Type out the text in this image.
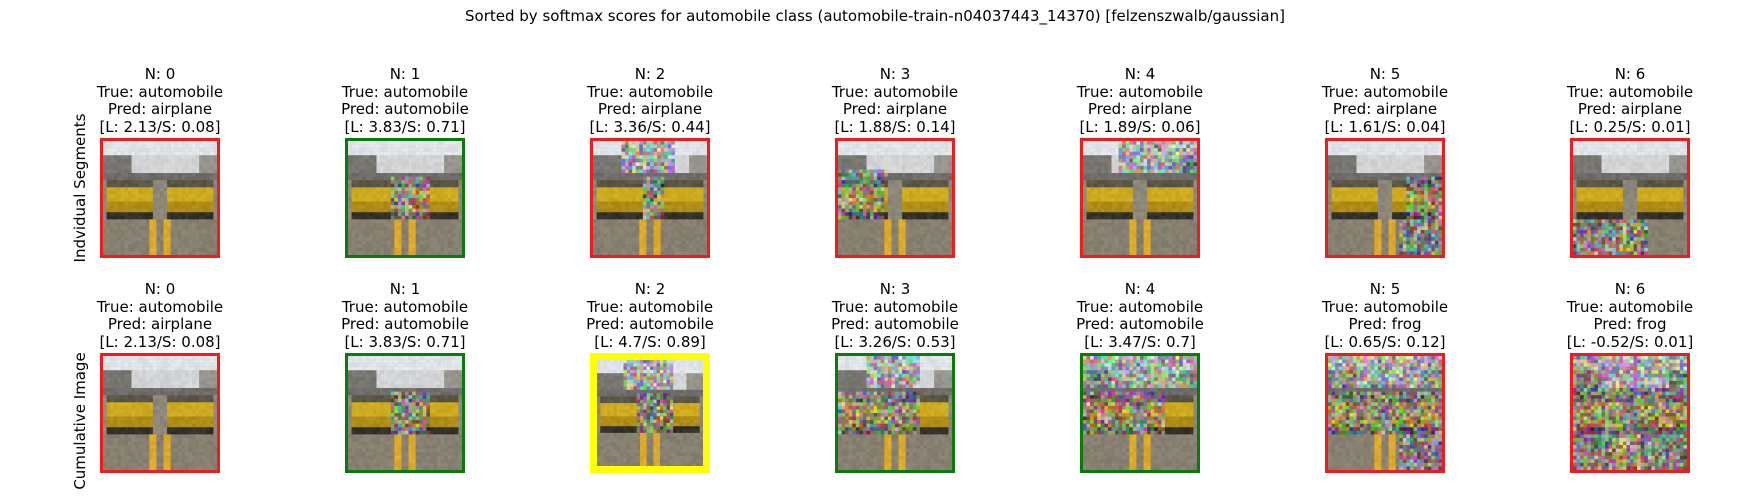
Sorted by softmax scores for automobile class (automobile-train-n04037443_14370) [felzenszwalb/gaussian]
Indvidual Segments
Cumulative Image
N: 0
True: automobile
Pred: airplane
[L: 2.13/S: 0.08]
N: 1
True: automobile
Pred: automobile
[L: 3.83/S: 0.71]
N: 2
True: automobile
Pred: airplane
[L: 3.36/S: 0.44]
N: 3
True: automobile
Pred: airplane
[L: 1.88/S: 0.14]
N: 4
True: automobile
Pred: airplane
[L: 1.89/S: 0.06]
N: 5
True: automobile
Pred: airplane
[L: 1.61/S: 0.04]
N: 6
True: automobile
Pred: airplane
[L: 0.25/S: 0.01]
N: 0
True: automobile
Pred: airplane
[L: 2.13/S: 0.08]
N: 1
True: automobile
Pred: automobile
[L: 3.83/S: 0.71]
N: 2
True: automobile
Pred: automobile
[L: 4.7/S: 0.89]
N: 3
True: automobile
Pred: automobile
[L: 3.26/S: 0.53]
N: 4
True: automobile
Pred: automobile
[L: 3.47/S: 0.7]
N: 5
True: automobile
Pred: frog
[L: 0.65/S: 0.12]
N: 6
True: automobile
Pred: frog
[L: -0.52/S: 0.01]
